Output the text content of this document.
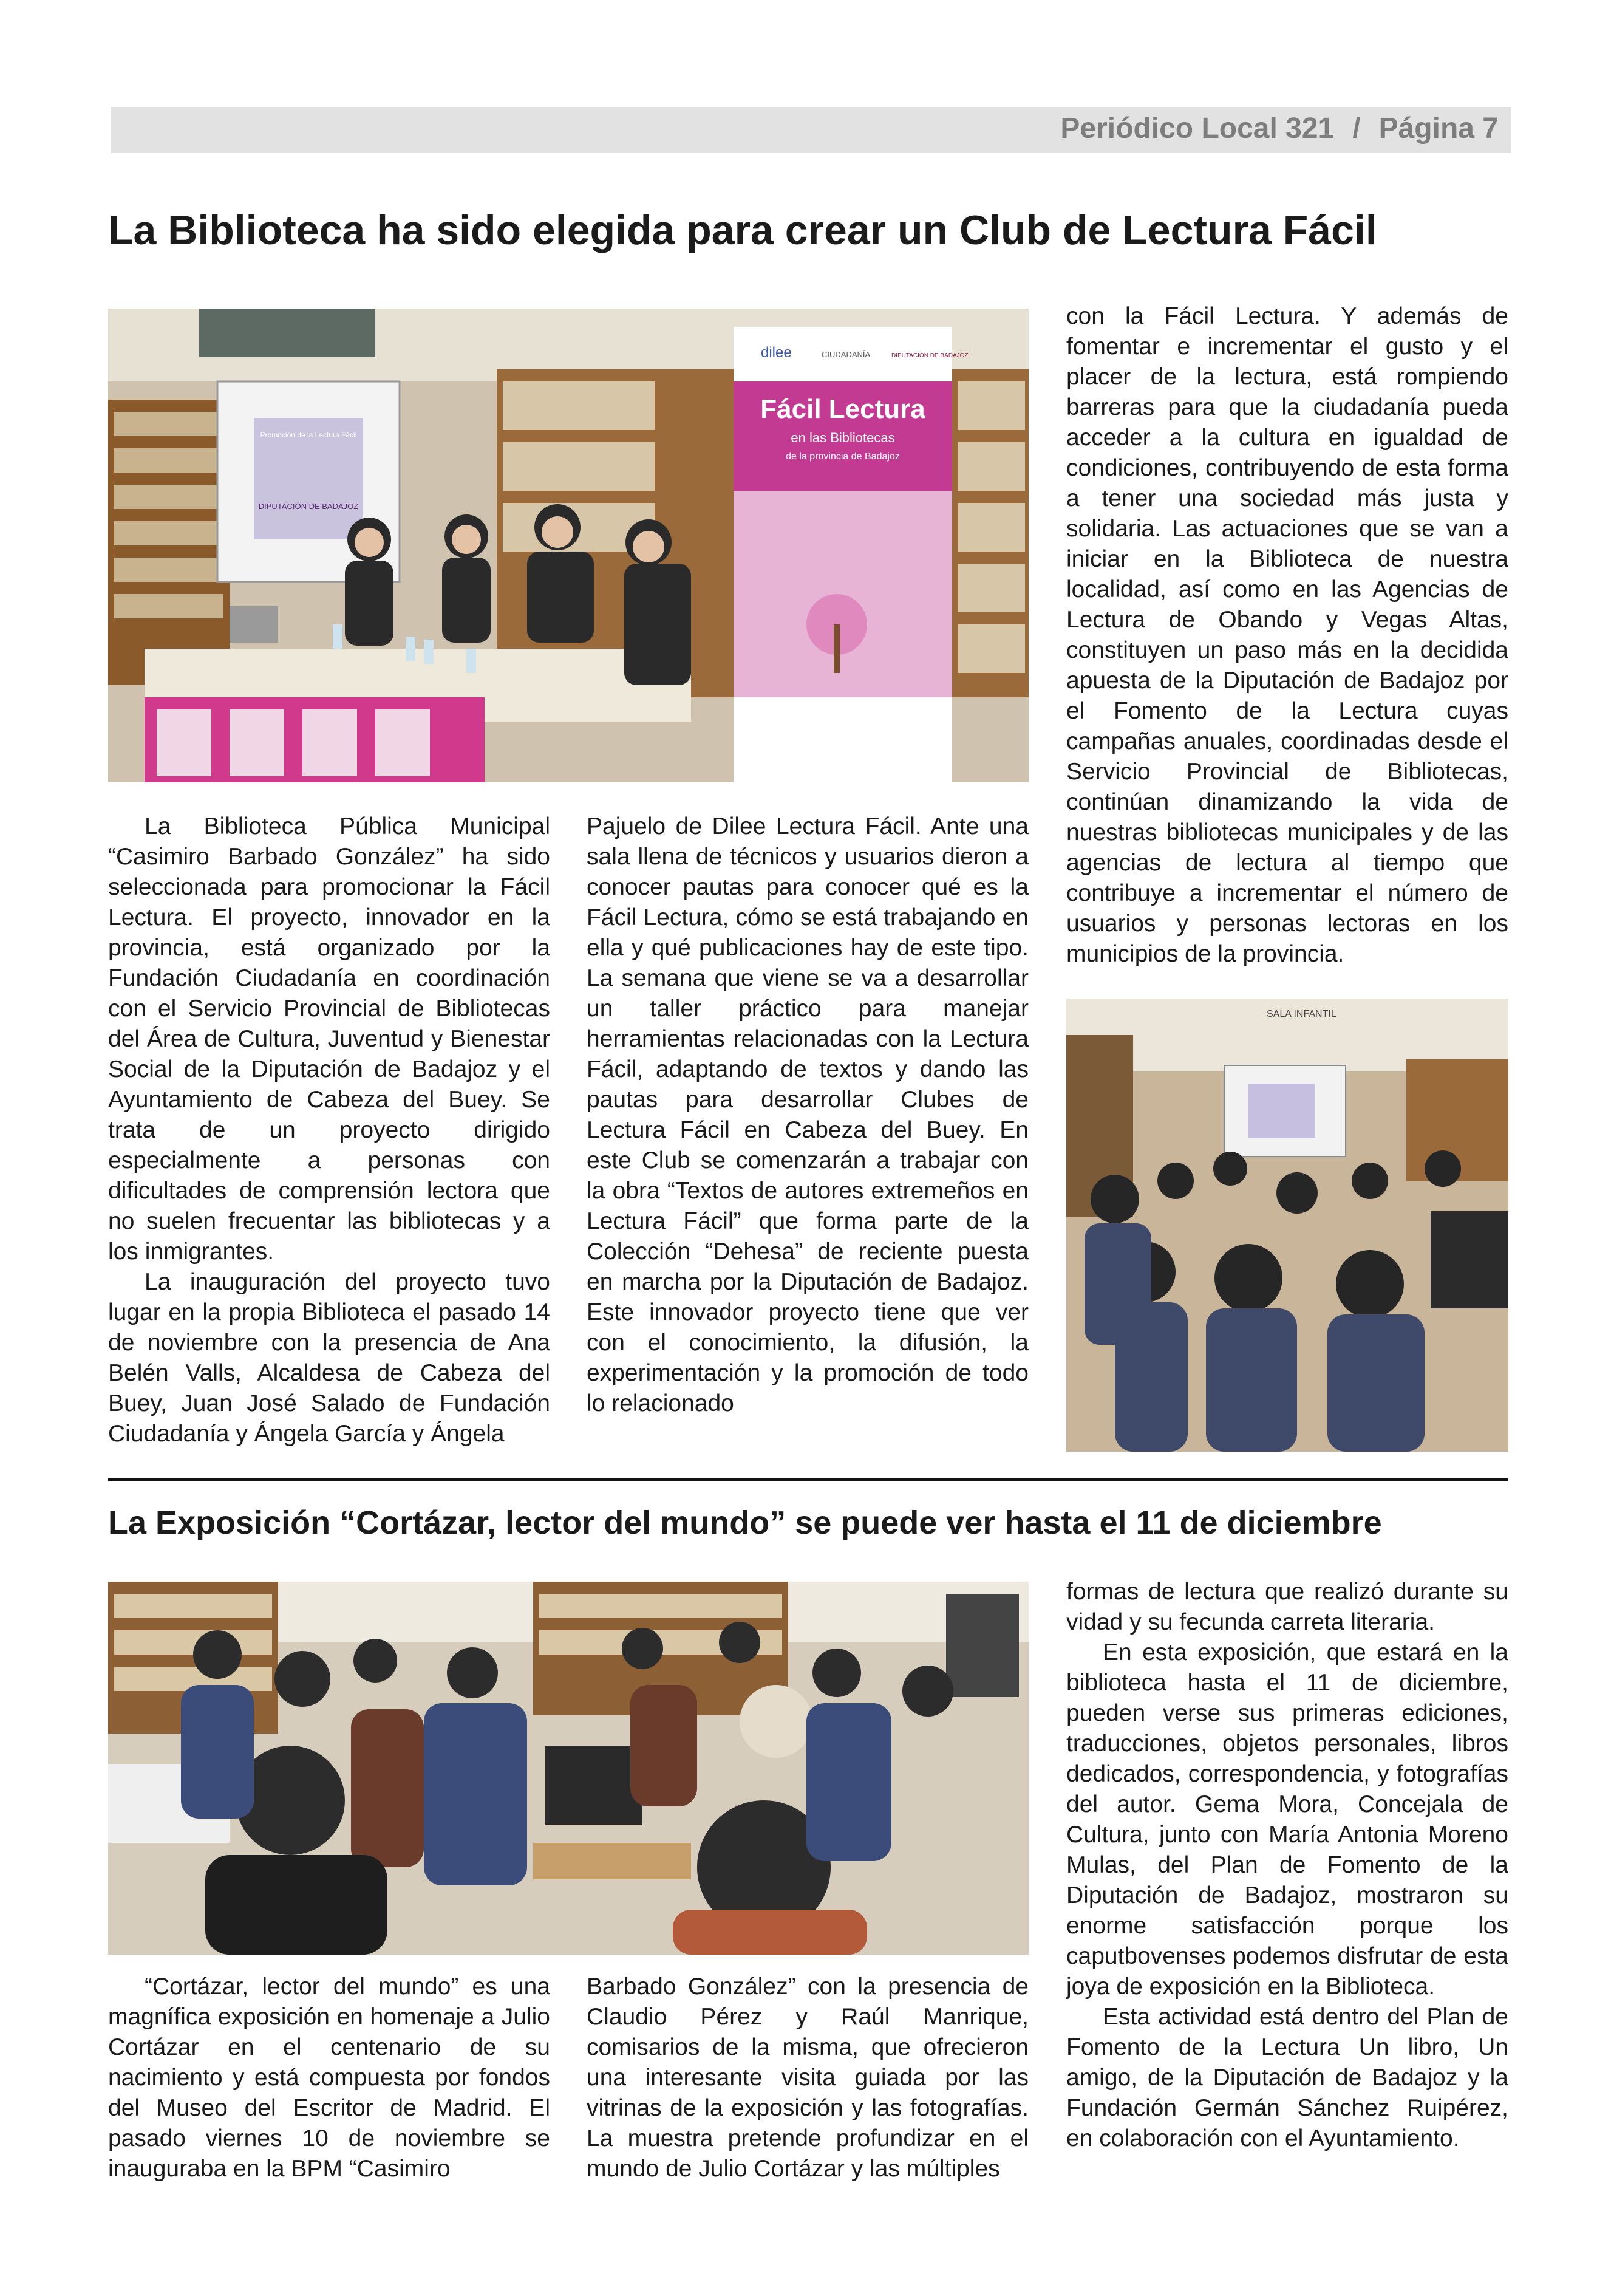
Periódico Local 321 / Página 7
La Biblioteca ha sido elegida para crear un Club de Lectura Fácil
Promoción de la Lectura Fácil
DIPUTACIÓN DE BADAJOZ
dilee	CIUDADANÍA	DIPUTACIÓN DE BADAJOZ
Fácil Lectura
en las Bibliotecas
de la provincia de Badajoz

La Biblioteca Pública Municipal “Casimiro Barbado González” ha sido seleccionada para promocionar la Fácil Lectura. El proyecto, innovador en la provincia, está organizado por la Fundación Ciudadanía en coordinación con el Servicio Provincial de Bibliotecas del Área de Cultura, Juventud y Bienestar Social de la Diputación de Badajoz y el Ayuntamiento de Cabeza del Buey. Se trata de un proyecto dirigido especialmente a personas con dificultades de comprensión lectora que no suelen frecuentar las bibliotecas y a los inmigrantes.

La inauguración del proyecto tuvo lugar en la propia Biblioteca el pasado 14 de noviembre con la presencia de Ana Belén Valls, Alcaldesa de Cabeza del Buey, Juan José Salado de Fundación Ciudadanía y Ángela García y Ángela

Pajuelo de Dilee Lectura Fácil. Ante una sala llena de técnicos y usuarios dieron a conocer pautas para conocer qué es la Fácil Lectura, cómo se está trabajando en ella y qué publicaciones hay de este tipo. La semana que viene se va a desarrollar un taller práctico para manejar herramientas relacionadas con la Lectura Fácil, adaptando de textos y dando las pautas para desarrollar Clubes de Lectura Fácil en Cabeza del Buey. En este Club se comenzarán a trabajar con la obra “Textos de autores extremeños en Lectura Fácil” que forma parte de la Colección “Dehesa” de reciente puesta en marcha por la Diputación de Badajoz. Este innovador proyecto tiene que ver con el conocimiento, la difusión, la experimentación y la promoción de todo lo relacionado

con la Fácil Lectura. Y además de fomentar e incrementar el gusto y el placer de la lectura, está rompiendo barreras para que la ciudadanía pueda acceder a la cultura en igualdad de condiciones, contribuyendo de esta forma a tener una sociedad más justa y solidaria. Las actuaciones que se van a iniciar en la Biblioteca de nuestra localidad, así como en las Agencias de Lectura de Obando y Vegas Altas, constituyen un paso más en la decidida apuesta de la Diputación de Badajoz por el Fomento de la Lectura cuyas campañas anuales, coordinadas desde el Servicio Provincial de Bibliotecas, continúan dinamizando la vida de nuestras bibliotecas municipales y de las agencias de lectura al tiempo que contribuye a incrementar el número de usuarios y personas lectoras en los municipios de la provincia.

SALA INFANTIL
La Exposición “Cortázar, lector del mundo” se puede ver hasta el 11 de diciembre

“Cortázar, lector del mundo” es una magnífica exposición en homenaje a Julio Cortázar en el centenario de su nacimiento y está compuesta por fondos del Museo del Escritor de Madrid. El pasado viernes 10 de noviembre se inauguraba en la BPM “Casimiro

Barbado González” con la presencia de Claudio Pérez y Raúl Manrique, comisarios de la misma, que ofrecieron una interesante visita guiada por las vitrinas de la exposición y las fotografías. La muestra pretende profundizar en el mundo de Julio Cortázar y las múltiples

formas de lectura que realizó durante su vidad y su fecunda carreta literaria.

En esta exposición, que estará en la biblioteca hasta el 11 de diciembre, pueden verse sus primeras ediciones, traducciones, objetos personales, libros dedicados, correspondencia, y fotografías del autor. Gema Mora, Concejala de Cultura, junto con María Antonia Moreno Mulas, del Plan de Fomento de la Diputación de Badajoz, mostraron su enorme satisfacción porque los caputbovenses podemos disfrutar de esta joya de exposición en la Biblioteca.

Esta actividad está dentro del Plan de Fomento de la Lectura Un libro, Un amigo, de la Diputación de Badajoz y la Fundación Germán Sánchez Ruipérez, en colaboración con el Ayuntamiento.
